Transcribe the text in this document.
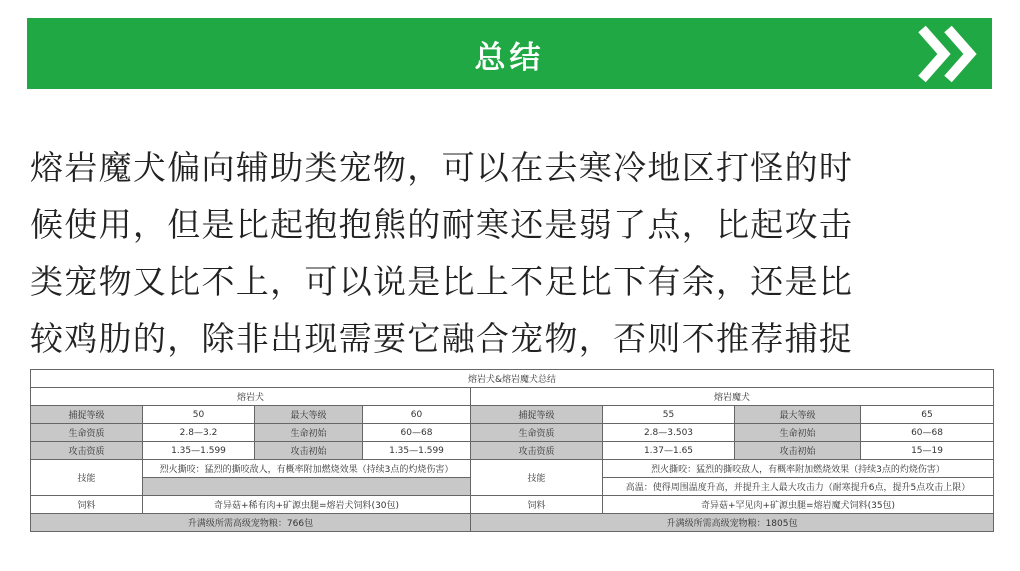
总结
熔岩魔犬偏向辅助类宠物，可以在去寒冷地区打怪的时
候使用，但是比起抱抱熊的耐寒还是弱了点，比起攻击
类宠物又比不上，可以说是比上不足比下有余，还是比
较鸡肋的，除非出现需要它融合宠物，否则不推荐捕捉
熔岩犬&熔岩魔犬总结							
熔岩犬				熔岩魔犬			
捕捉等级	50	最大等级	60	捕捉等级	55	最大等级	65
生命资质	2.8—3.2	生命初始	60—68	生命资质	2.8—3.503	生命初始	60—68
攻击资质	1.35—1.599	攻击初始	1.35—1.599	攻击资质	1.37—1.65	攻击初始	15—19
技能	烈火撕咬：猛烈的撕咬敌人，有概率附加燃烧效果（持续3点的灼烧伤害）			技能	烈火撕咬：猛烈的撕咬敌人，有概率附加燃烧效果（持续3点的灼烧伤害）		
					高温：使得周围温度升高，并提升主人最大攻击力（耐寒提升6点，提升5点攻击上限）		
饲料	奇异菇+稀有肉+矿源虫腿=熔岩犬饲料(30包)			饲料	奇异菇+罕见肉+矿源虫腿=熔岩魔犬饲料(35包)		
升满级所需高级宠物粮：766包				升满级所需高级宠物粮：1805包			
